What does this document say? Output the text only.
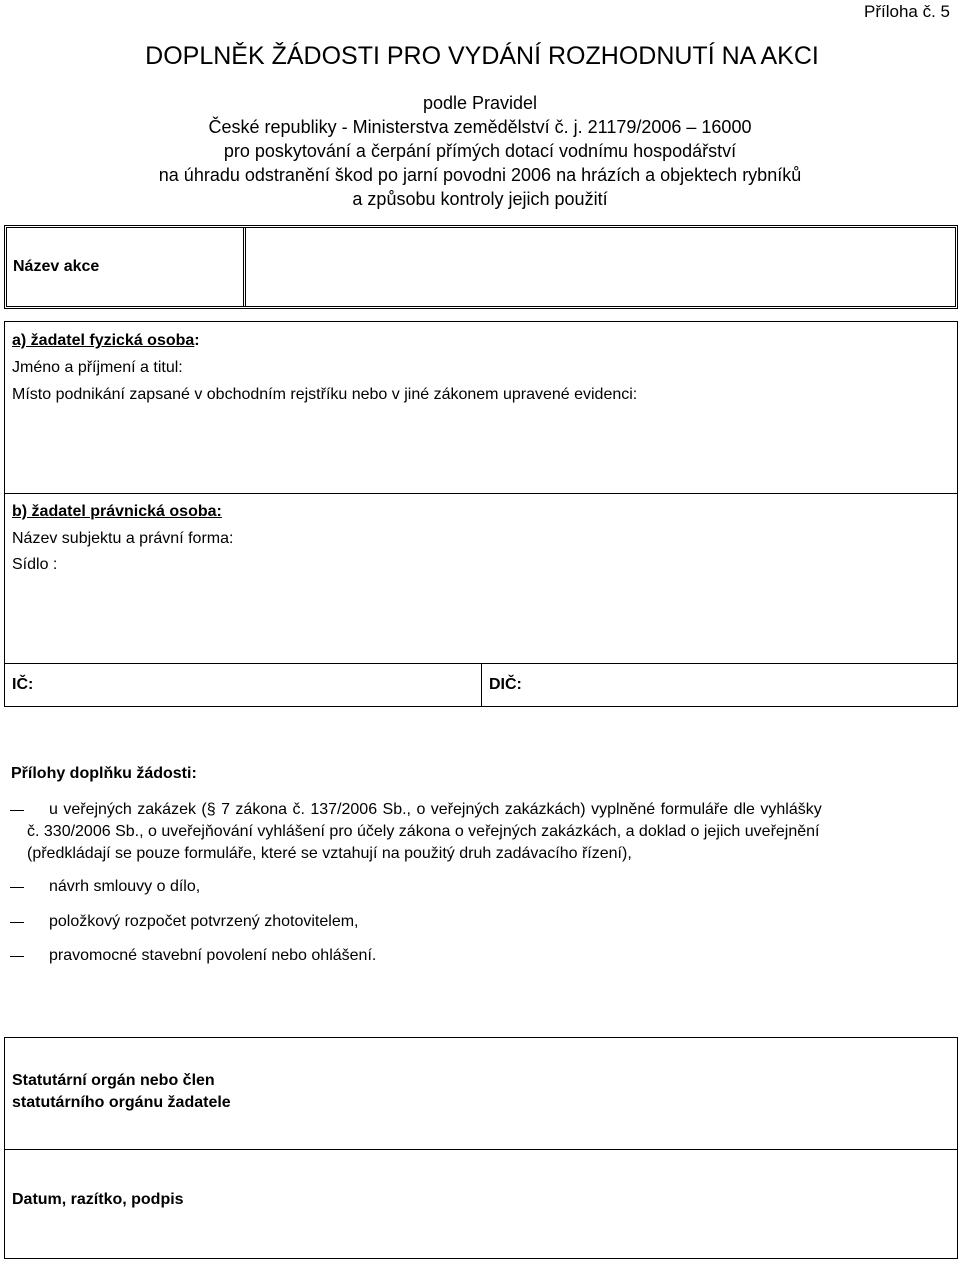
Příloha č. 5
DOPLNĚK ŽÁDOSTI PRO VYDÁNÍ ROZHODNUTÍ NA AKCI
podle Pravidel
České republiky - Ministerstva zemědělství č. j. 21179/2006 – 16000
pro poskytování a čerpání přímých dotací vodnímu hospodářství
na úhradu odstranění škod po jarní povodni 2006 na hrázích a objektech rybníků
a způsobu kontroly jejich použití
Název akce
a) žadatel fyzická osoba:
Jméno a příjmení a titul:
Místo podnikání zapsané v obchodním rejstříku nebo v jiné zákonem upravené evidenci:
b) žadatel právnická osoba:
Název subjektu a právní forma:
Sídlo :
IČ:	DIČ:
Přílohy doplňku žádosti:
u veřejných zakázek (§ 7 zákona č. 137/2006 Sb., o veřejných zakázkách) vyplněné formuláře dle vyhlášky
č. 330/2006 Sb., o uveřejňování vyhlášení pro účely zákona o veřejných zakázkách, a doklad o jejich uveřejnění
(předkládají se pouze formuláře, které se vztahují na použitý druh zadávacího řízení),
návrh smlouvy o dílo,
položkový rozpočet potvrzený zhotovitelem,
pravomocné stavební povolení nebo ohlášení.
Statutární orgán nebo člen
statutárního orgánu žadatele
Datum, razítko, podpis
